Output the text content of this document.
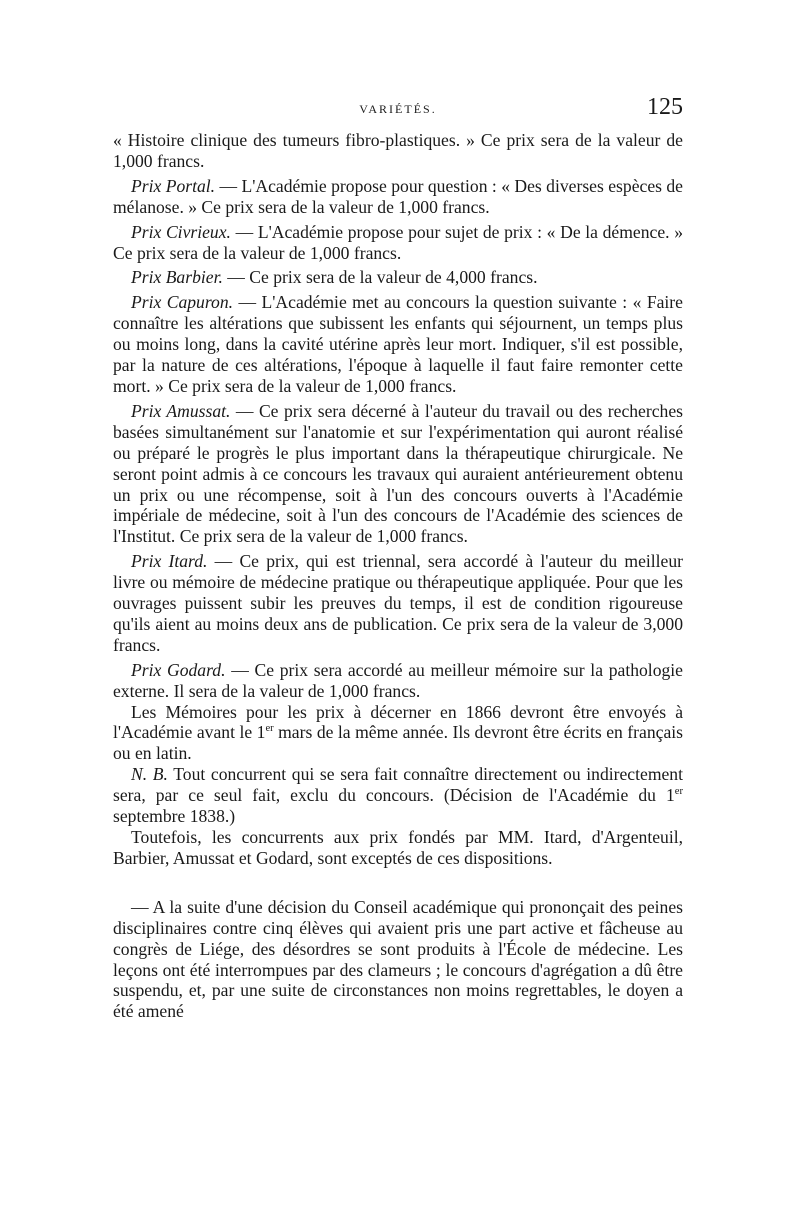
VARIÉTÉS.	125

« Histoire clinique des tumeurs fibro-plastiques. » Ce prix sera de la valeur de 1,000 francs.

Prix Portal. — L'Académie propose pour question : « Des diverses espèces de mélanose. » Ce prix sera de la valeur de 1,000 francs.

Prix Civrieux. — L'Académie propose pour sujet de prix : « De la démence. » Ce prix sera de la valeur de 1,000 francs.

Prix Barbier. — Ce prix sera de la valeur de 4,000 francs.

Prix Capuron. — L'Académie met au concours la question suivante : « Faire connaître les altérations que subissent les enfants qui séjournent, un temps plus ou moins long, dans la cavité utérine après leur mort. Indiquer, s'il est possible, par la nature de ces altérations, l'époque à laquelle il faut faire remonter cette mort. » Ce prix sera de la valeur de 1,000 francs.

Prix Amussat. — Ce prix sera décerné à l'auteur du travail ou des recherches basées simultanément sur l'anatomie et sur l'expérimentation qui auront réalisé ou préparé le progrès le plus important dans la thérapeutique chirurgicale. Ne seront point admis à ce concours les travaux qui auraient antérieurement obtenu un prix ou une récompense, soit à l'un des concours ouverts à l'Académie impériale de médecine, soit à l'un des concours de l'Académie des sciences de l'Institut. Ce prix sera de la valeur de 1,000 francs.

Prix Itard. — Ce prix, qui est triennal, sera accordé à l'auteur du meilleur livre ou mémoire de médecine pratique ou thérapeutique appliquée. Pour que les ouvrages puissent subir les preuves du temps, il est de condition rigoureuse qu'ils aient au moins deux ans de publication. Ce prix sera de la valeur de 3,000 francs.

Prix Godard. — Ce prix sera accordé au meilleur mémoire sur la pathologie externe. Il sera de la valeur de 1,000 francs.

Les Mémoires pour les prix à décerner en 1866 devront être envoyés à l'Académie avant le 1er mars de la même année. Ils devront être écrits en français ou en latin.

N. B. Tout concurrent qui se sera fait connaître directement ou indirectement sera, par ce seul fait, exclu du concours. (Décision de l'Académie du 1er septembre 1838.)

Toutefois, les concurrents aux prix fondés par MM. Itard, d'Argenteuil, Barbier, Amussat et Godard, sont exceptés de ces dispositions.

— A la suite d'une décision du Conseil académique qui prononçait des peines disciplinaires contre cinq élèves qui avaient pris une part active et fâcheuse au congrès de Liége, des désordres se sont produits à l'École de médecine. Les leçons ont été interrompues par des clameurs ; le concours d'agrégation a dû être suspendu, et, par une suite de circonstances non moins regrettables, le doyen a été amené
